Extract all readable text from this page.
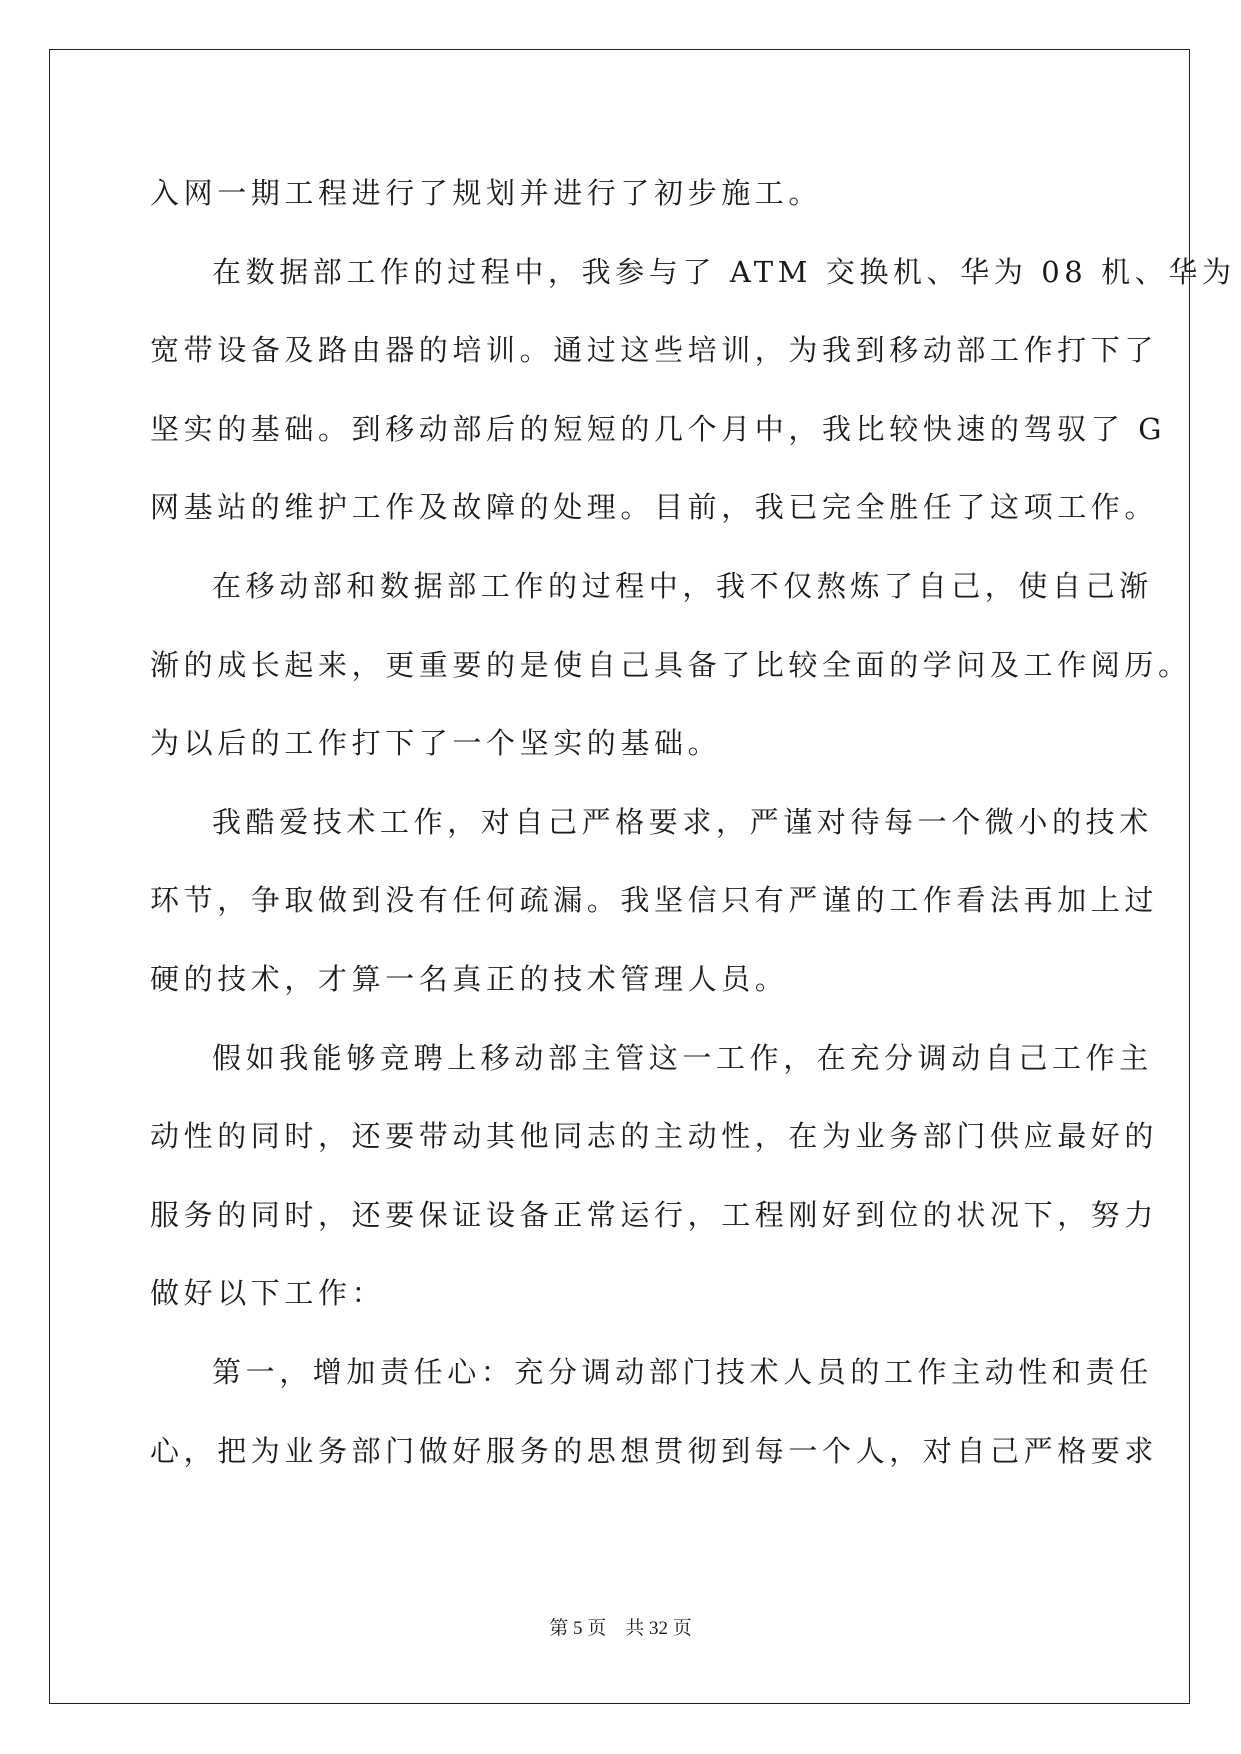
入网一期工程进行了规划并进行了初步施工。
在数据部工作的过程中，我参与了 ATM 交换机、华为 08 机、华为
宽带设备及路由器的培训。通过这些培训，为我到移动部工作打下了
坚实的基础。到移动部后的短短的几个月中，我比较快速的驾驭了 G
网基站的维护工作及故障的处理。目前，我已完全胜任了这项工作。
在移动部和数据部工作的过程中，我不仅熬炼了自己，使自己渐
渐的成长起来，更重要的是使自己具备了比较全面的学问及工作阅历。
为以后的工作打下了一个坚实的基础。
我酷爱技术工作，对自己严格要求，严谨对待每一个微小的技术
环节，争取做到没有任何疏漏。我坚信只有严谨的工作看法再加上过
硬的技术，才算一名真正的技术管理人员。
假如我能够竞聘上移动部主管这一工作，在充分调动自己工作主
动性的同时，还要带动其他同志的主动性，在为业务部门供应最好的
服务的同时，还要保证设备正常运行，工程刚好到位的状况下，努力
做好以下工作：
第一，增加责任心：充分调动部门技术人员的工作主动性和责任
心，把为业务部门做好服务的思想贯彻到每一个人，对自己严格要求
第 5 页　共 32 页
